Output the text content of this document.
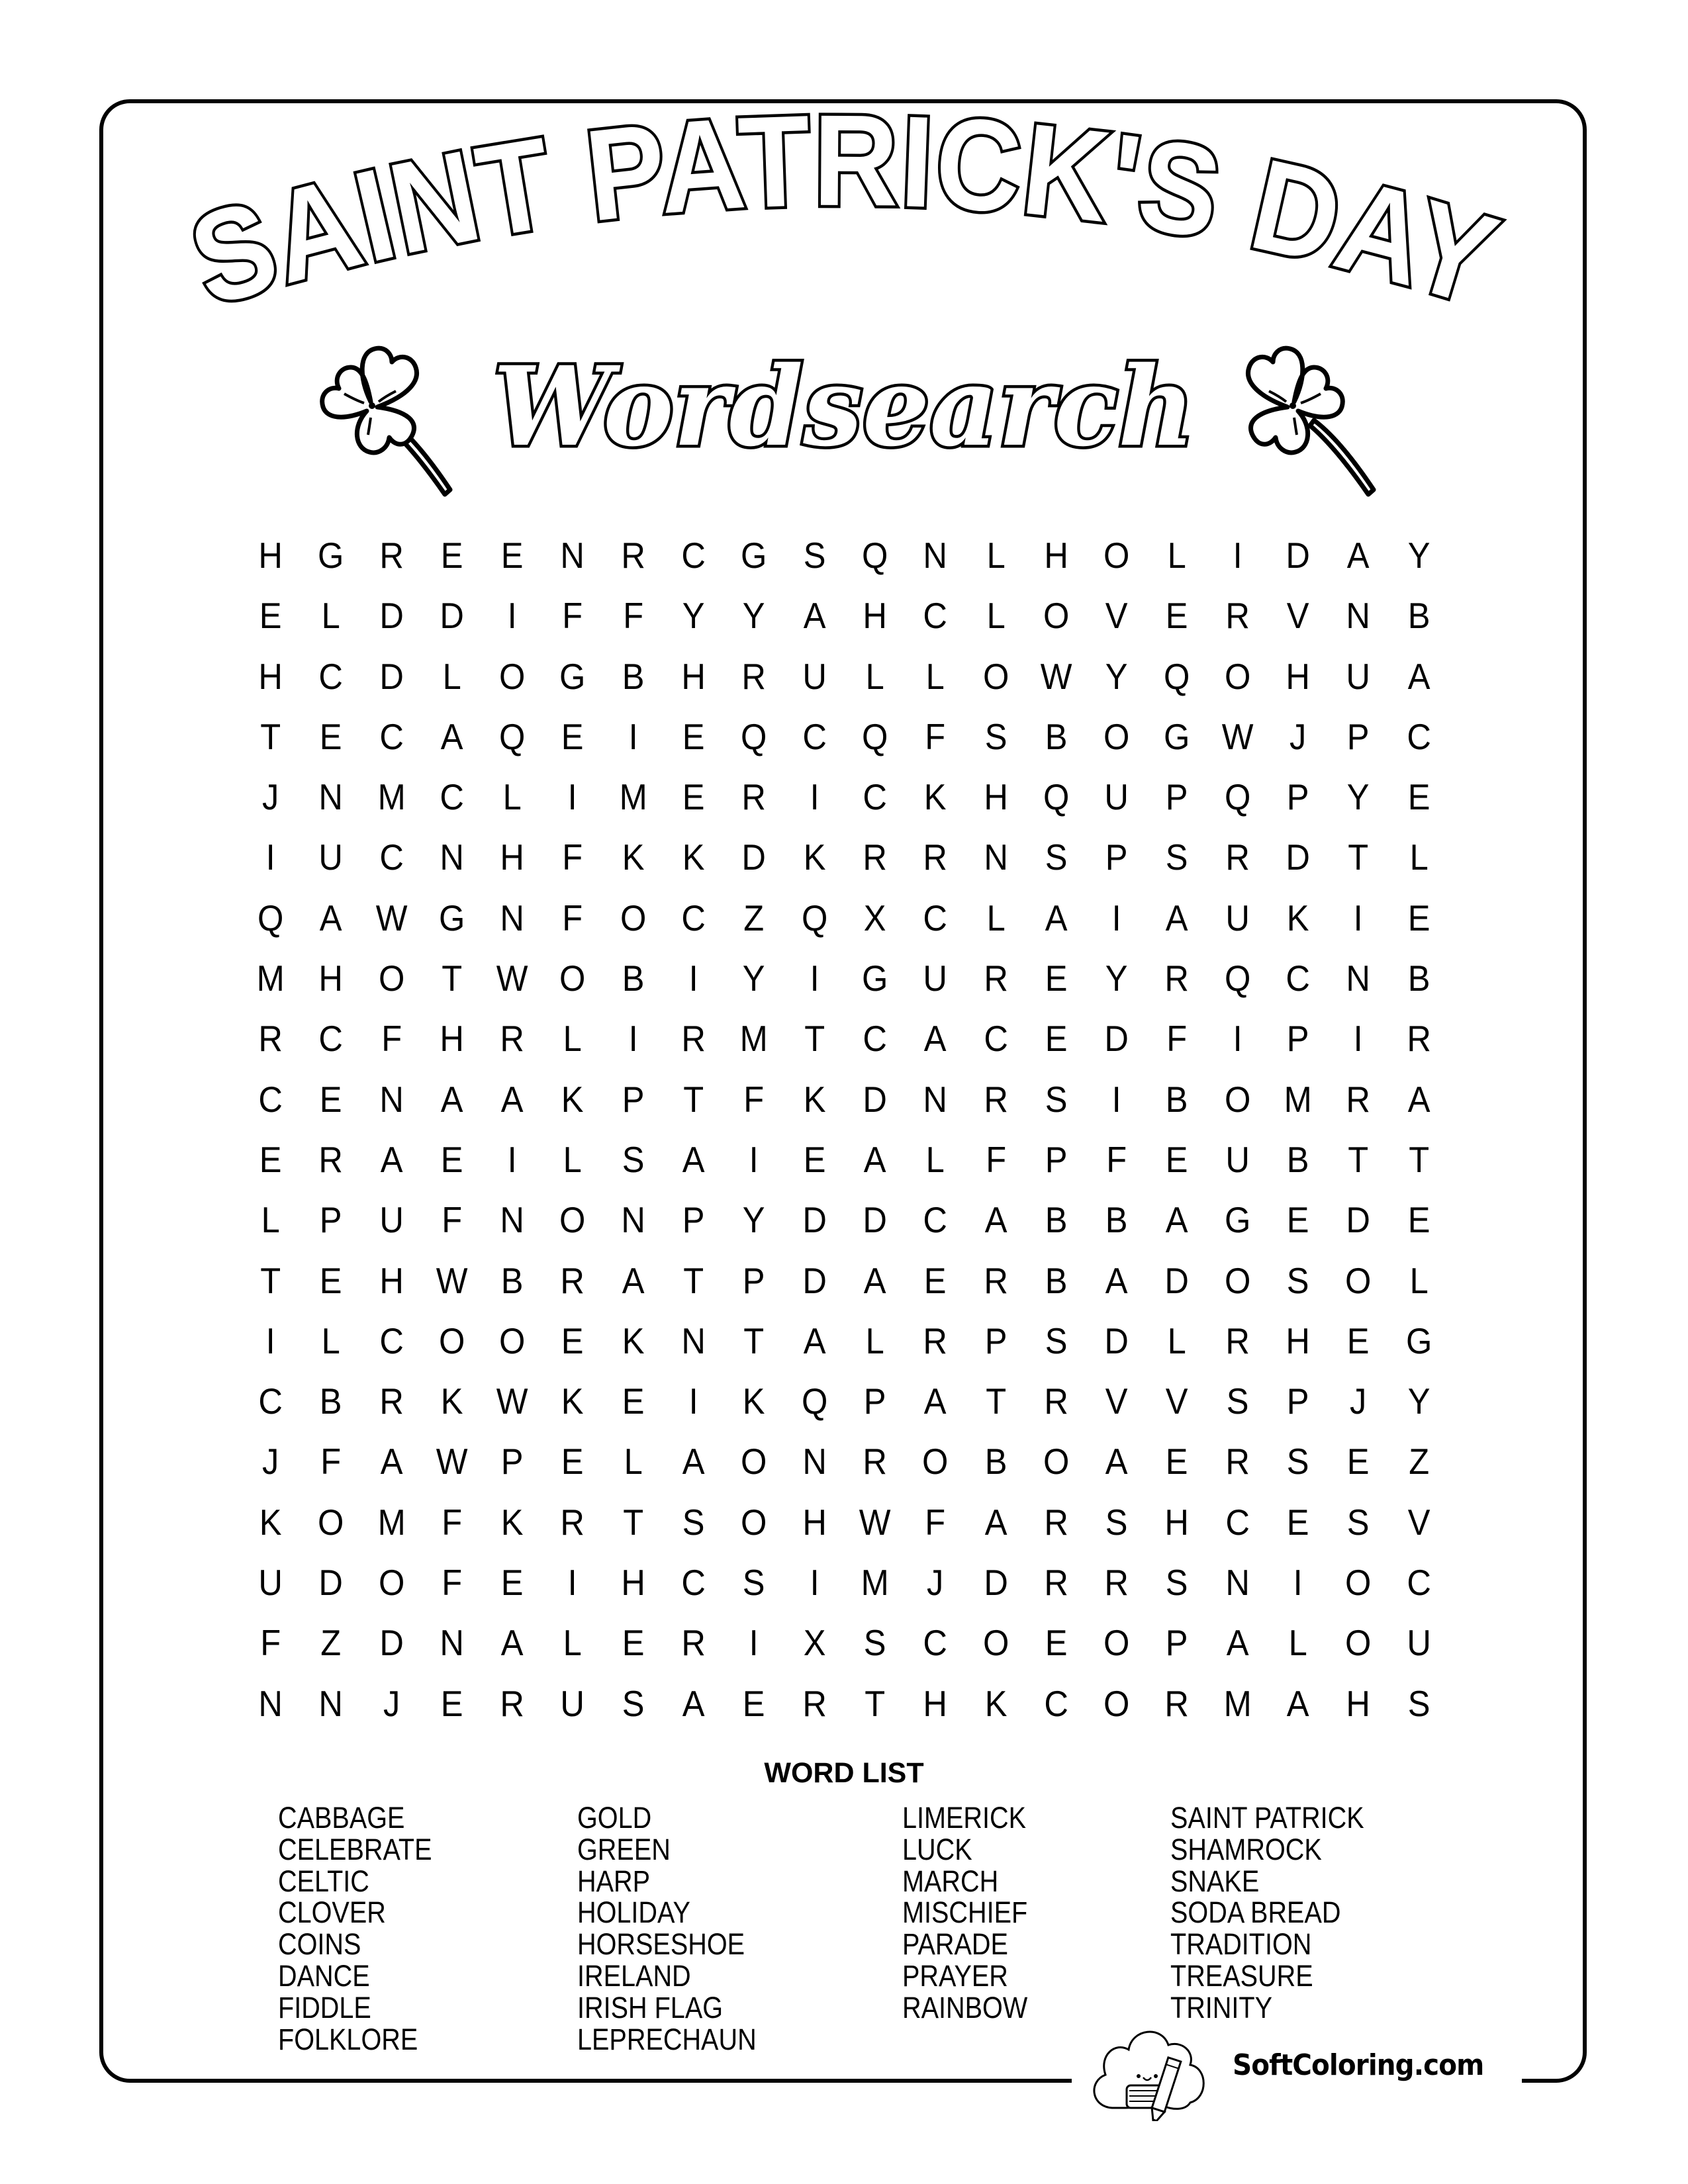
SAINT PATRICK'S DAY
Wordsearch
H G R	E	E	N R C G S Q N	L	H O	L	I	D	A	Y
E	L	D D	I	F	F	Y	Y	A	H C	L	O V	E	R	V	N	B
H C D	L	O G B	H R U	L	L	O W Y Q O H U	A
T	E	C	A Q E	I	E Q C Q	F	S	B O G W J	P	C
J	N M C	L	I	M E	R	I	C	K	H Q U	P Q P	Y	E
I	U C N H	F	K	K	D	K	R R N	S	P	S	R D	T	L
Q A W G N	F	O C	Z	Q X	C	L	A	I	A	U	K	I	E
M H O	T W O B	I	Y	I	G U R	E	Y	R Q C N	B
R C	F	H R	L	I	R M T	C	A	C	E	D	F	I	P	I	R
C	E	N	A	A	K	P	T	F	K	D N R	S	I	B O M R	A
E	R	A	E	I	L	S	A	I	E	A	L	F	P	F	E	U	B	T	T
L	P	U	F	N O N	P	Y	D D C	A	B	B	A G E	D	E
T	E	H W B	R	A	T	P	D	A	E	R	B	A	D O S O	L
I	L	C O O E	K	N	T	A	L	R	P	S	D	L	R H	E G
C	B	R	K W K	E	I	K Q P	A	T	R	V	V	S	P	J	Y
J	F	A W P	E	L	A O N R O B O A	E	R	S	E	Z
K O M F	K	R	T	S O H W F	A	R	S	H C	E	S	V
U D O	F	E	I	H C	S	I	M	J	D R R	S	N	I	O C
F	Z	D N	A	L	E	R	I	X	S	C O E O P	A	L	O U
N N	J	E	R U	S	A	E	R	T	H	K	C O R M A	H	S
WORD LIST
CABBAGE
CELEBRATE
CELTIC
CLOVER
COINS
DANCE
FIDDLE
FOLKLORE
GOLD
GREEN
HARP
HOLIDAY
HORSESHOE
IRELAND
IRISH FLAG
LEPRECHAUN
LIMERICK
LUCK
MARCH
MISCHIEF
PARADE
PRAYER
RAINBOW
SAINT PATRICK
SHAMROCK
SNAKE
SODA BREAD
TRADITION
TREASURE
TRINITY
SoftColoring.com
